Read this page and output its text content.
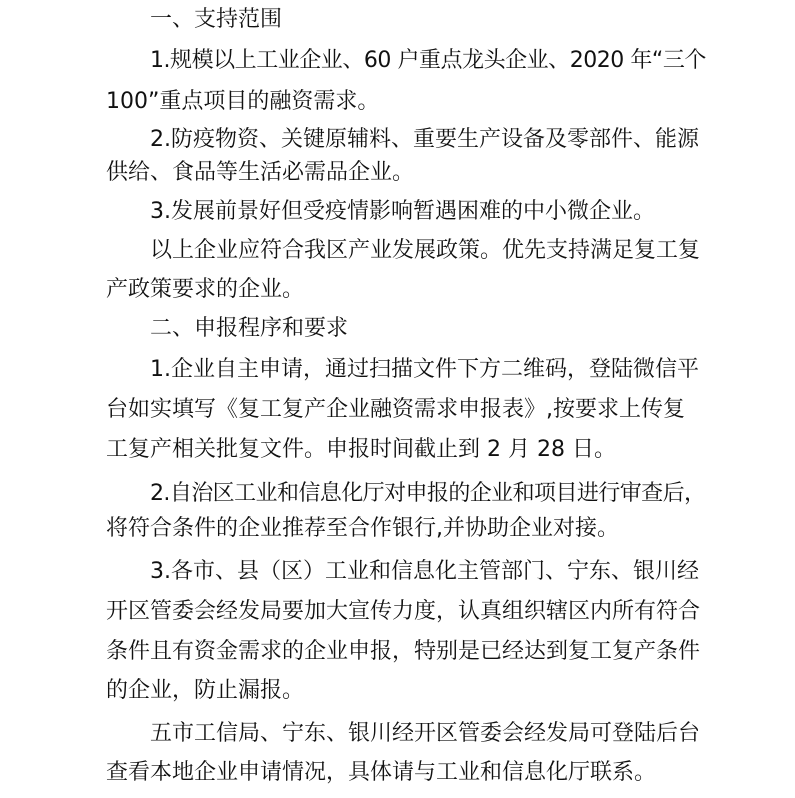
一、支持范围
1.规模以上工业企业、60 户重点龙头企业、2020 年“三个
100”重点项目的融资需求。
2.防疫物资、关键原辅料、重要生产设备及零部件、能源
供给、食品等生活必需品企业。
3.发展前景好但受疫情影响暂遇困难的中小微企业。
以上企业应符合我区产业发展政策。优先支持满足复工复
产政策要求的企业。
二、申报程序和要求
1.企业自主申请，通过扫描文件下方二维码，登陆微信平
台如实填写《复工复产企业融资需求申报表》,按要求上传复
工复产相关批复文件。申报时间截止到 2 月 28 日。
2.自治区工业和信息化厅对申报的企业和项目进行审查后，
将符合条件的企业推荐至合作银行,并协助企业对接。
3.各市、县（区）工业和信息化主管部门、宁东、银川经
开区管委会经发局要加大宣传力度，认真组织辖区内所有符合
条件且有资金需求的企业申报，特别是已经达到复工复产条件
的企业，防止漏报。
五市工信局、宁东、银川经开区管委会经发局可登陆后台
查看本地企业申请情况，具体请与工业和信息化厅联系。
